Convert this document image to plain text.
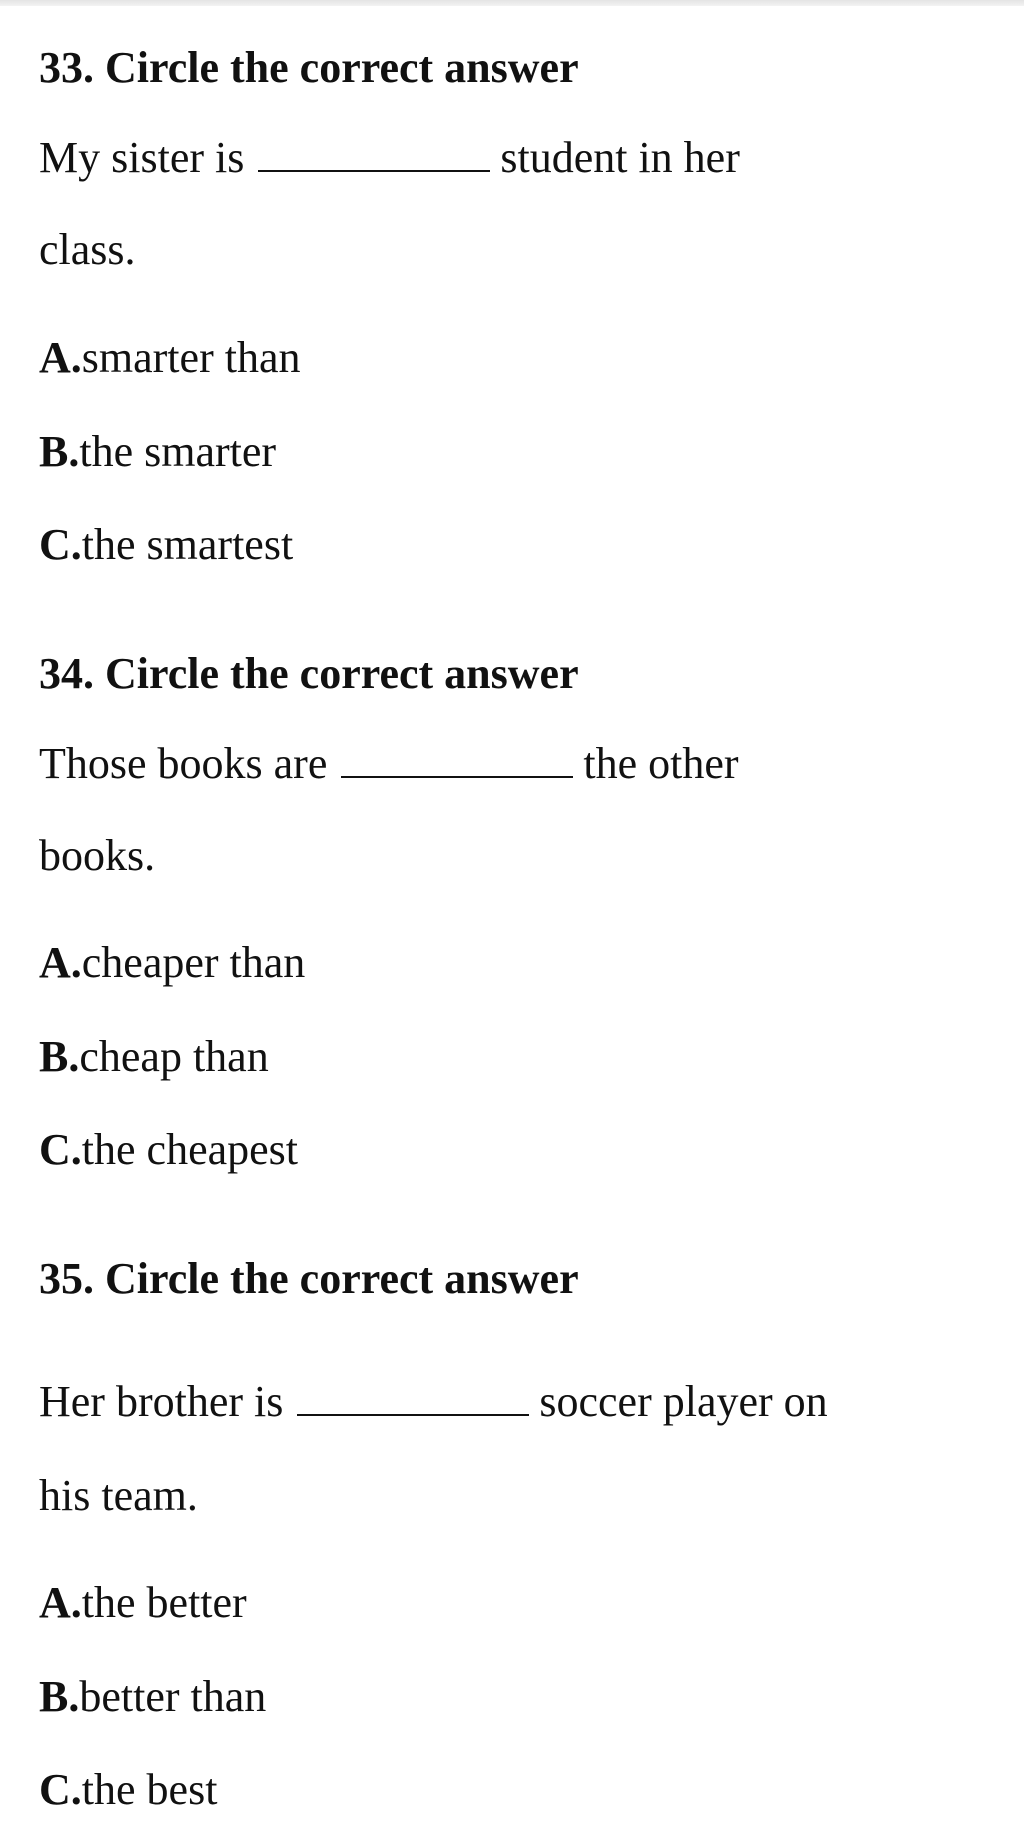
33. Circle the correct answer
My sister is	student in her
class.
A.smarter than
B.the smarter
C.the smartest
34. Circle the correct answer
Those books are	the other
books.
A.cheaper than
B.cheap than
C.the cheapest
35. Circle the correct answer
Her brother is	soccer player on
his team.
A.the better
B.better than
C.the best
